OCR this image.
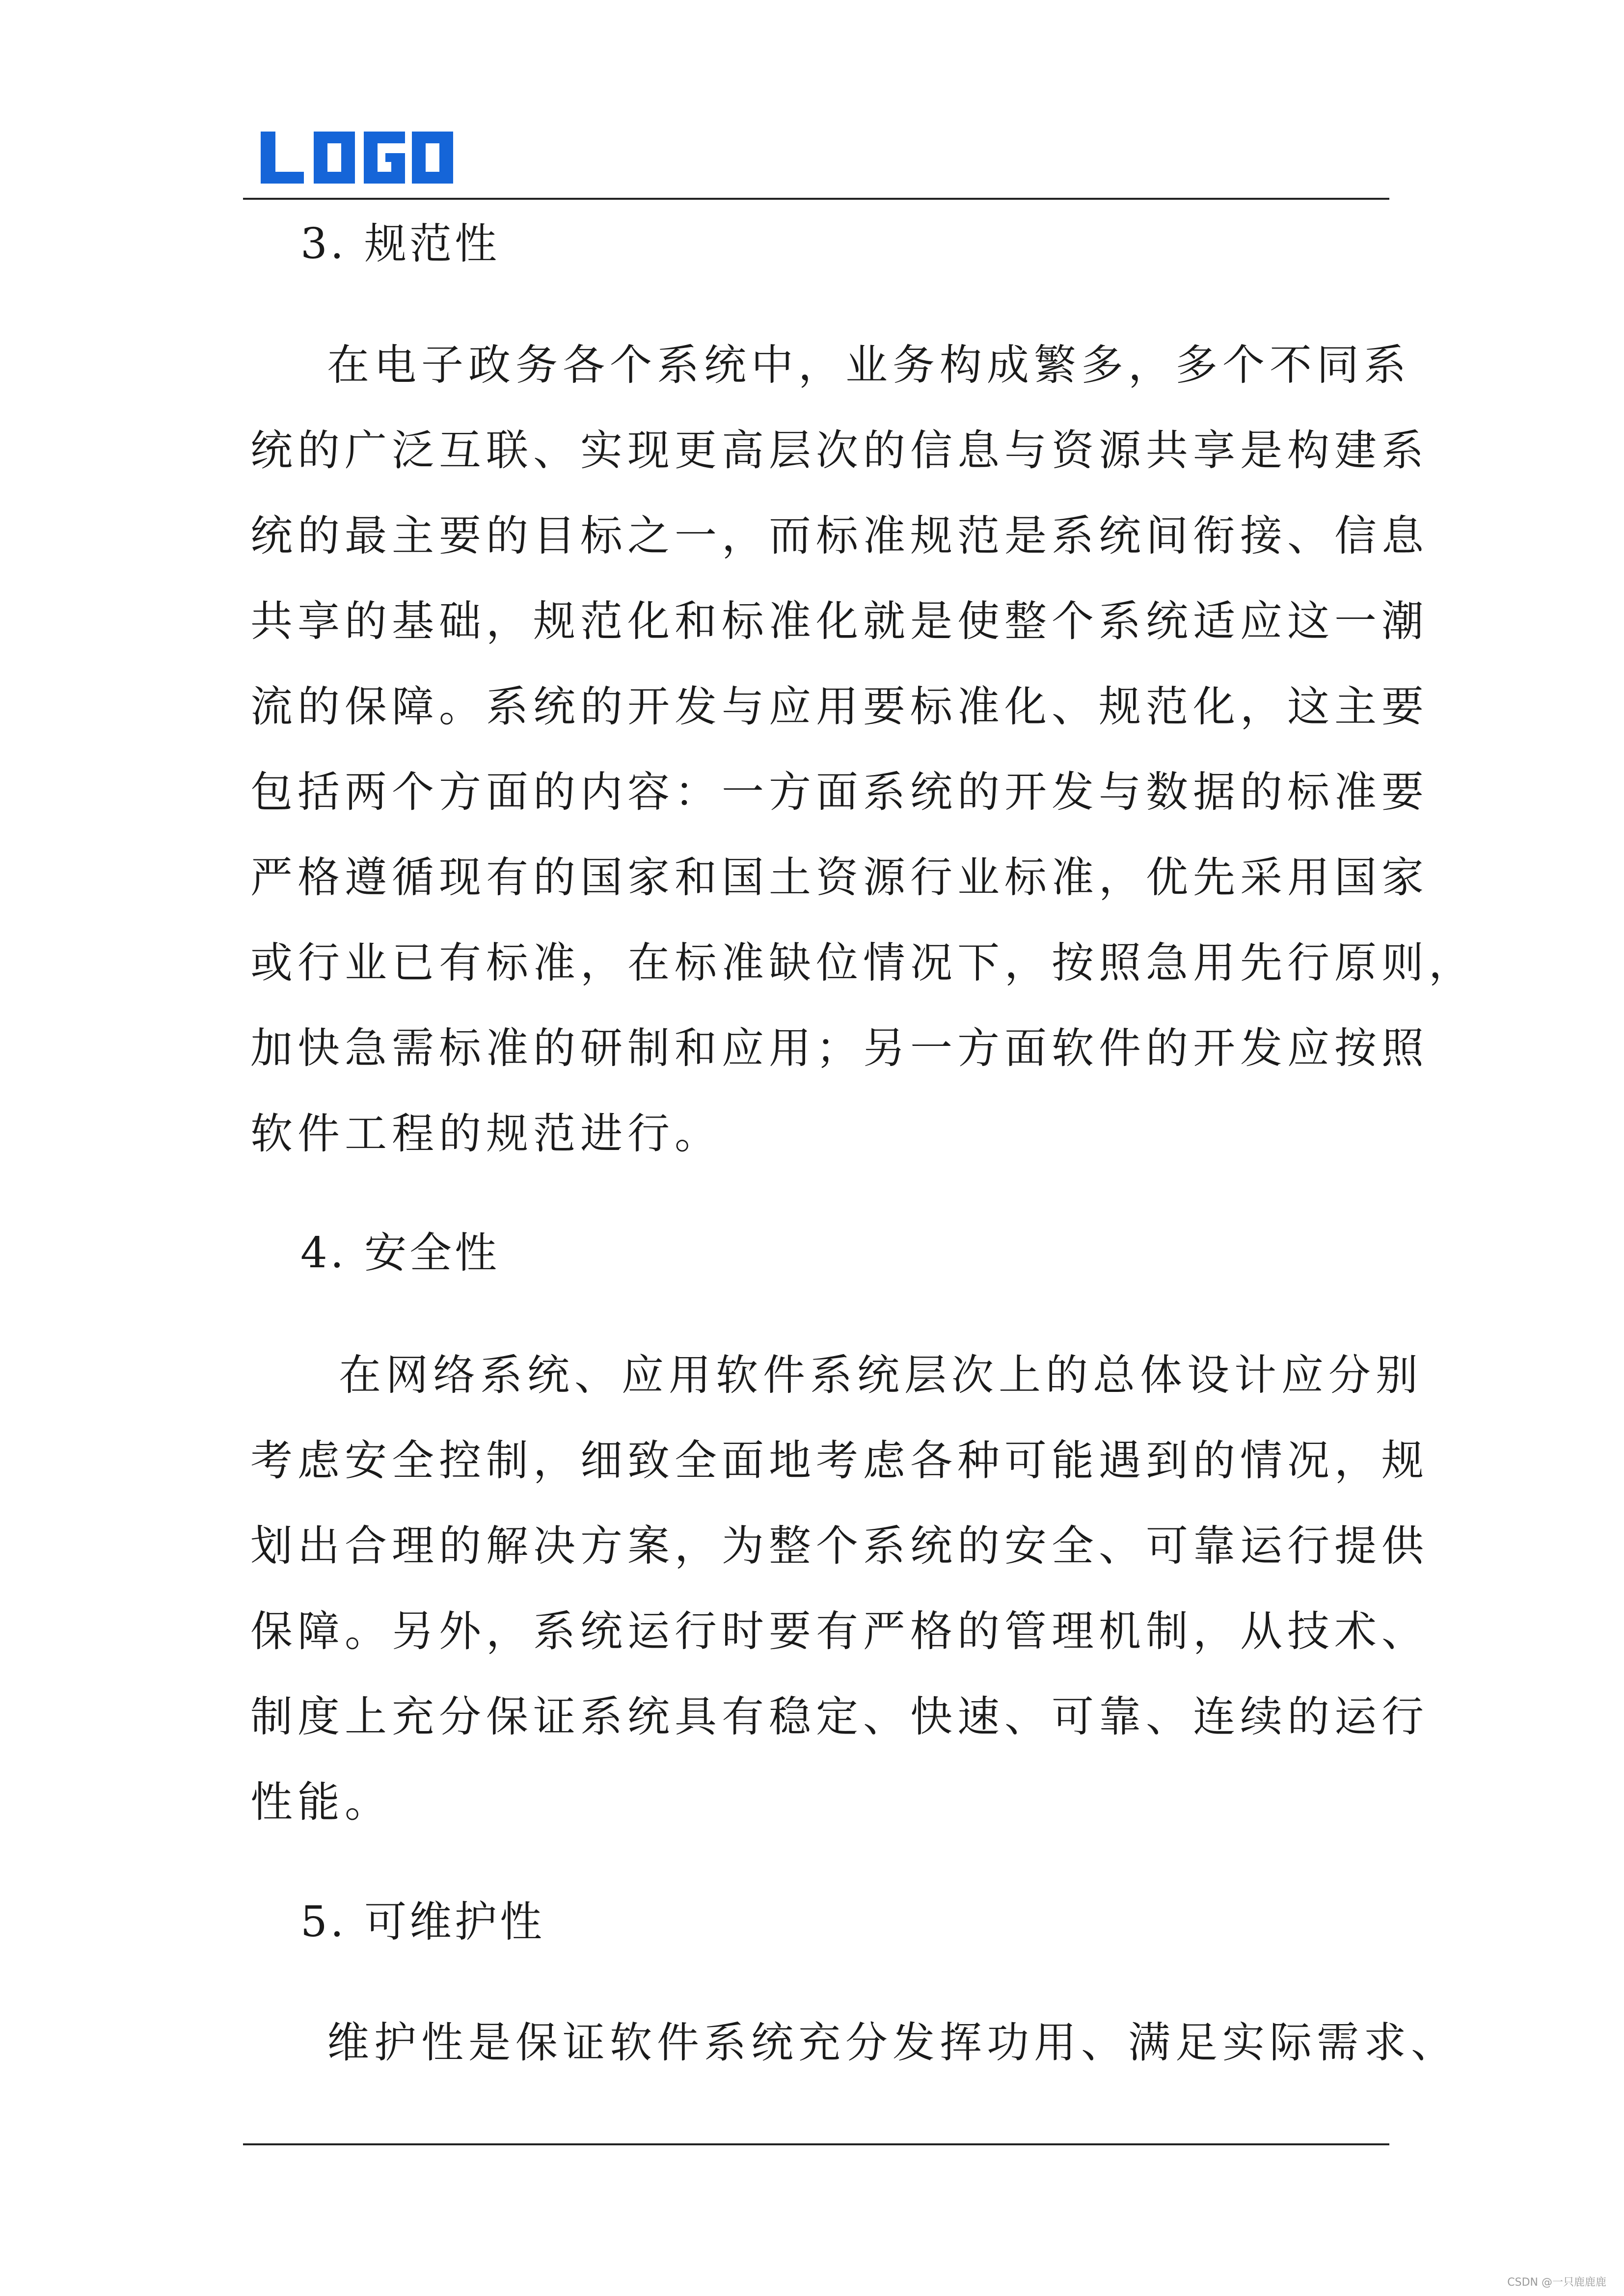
3. 规范性

在电子政务各个系统中，业务构成繁多，多个不同系

统的广泛互联、实现更高层次的信息与资源共享是构建系

统的最主要的目标之一，而标准规范是系统间衔接、信息

共享的基础，规范化和标准化就是使整个系统适应这一潮

流的保障。系统的开发与应用要标准化、规范化，这主要

包括两个方面的内容：一方面系统的开发与数据的标准要

严格遵循现有的国家和国土资源行业标准，优先采用国家

或行业已有标准，在标准缺位情况下，按照急用先行原则，

加快急需标准的研制和应用；另一方面软件的开发应按照

软件工程的规范进行。

4. 安全性

在网络系统、应用软件系统层次上的总体设计应分别

考虑安全控制，细致全面地考虑各种可能遇到的情况，规

划出合理的解决方案，为整个系统的安全、可靠运行提供

保障。另外，系统运行时要有严格的管理机制，从技术、

制度上充分保证系统具有稳定、快速、可靠、连续的运行

性能。

5. 可维护性

维护性是保证软件系统充分发挥功用、满足实际需求、

CSDN @一只鹿鹿鹿
